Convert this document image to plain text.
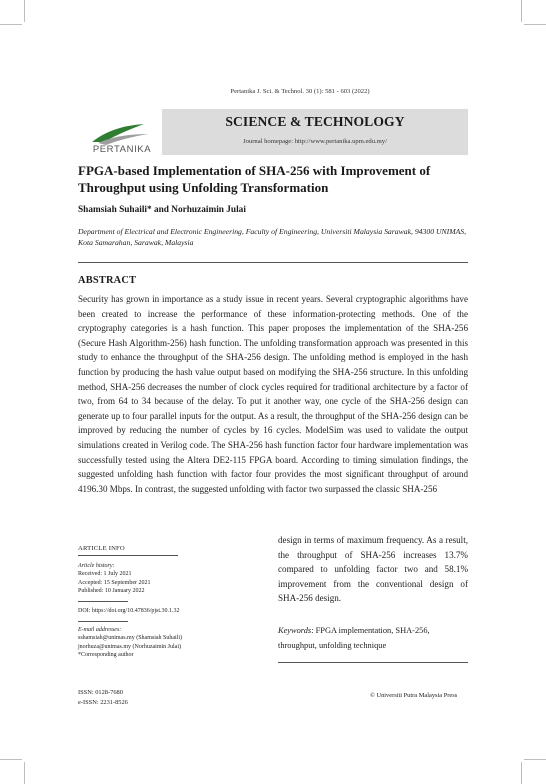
Pertanika J. Sci. & Technol. 30 (1): 581 - 603 (2022)
PERTANIKA
SCIENCE & TECHNOLOGY
Journal homepage: http://www.pertanika.upm.edu.my/
FPGA-based Implementation of SHA-256 with Improvement of Throughput using Unfolding Transformation
Shamsiah Suhaili* and Norhuzaimin Julai
Department of Electrical and Electronic Engineering, Faculty of Engineering, Universiti Malaysia Sarawak, 94300 UNIMAS, Kota Samarahan, Sarawak, Malaysia
ABSTRACT
Security has grown in importance as a study issue in recent years. Several cryptographic algorithms have been created to increase the performance of these information-protecting methods. One of the cryptography categories is a hash function. This paper proposes the implementation of the SHA-256 (Secure Hash Algorithm-256) hash function. The unfolding transformation approach was presented in this study to enhance the throughput of the SHA-256 design. The unfolding method is employed in the hash function by producing the hash value output based on modifying the SHA-256 structure. In this unfolding method, SHA-256 decreases the number of clock cycles required for traditional architecture by a factor of two, from 64 to 34 because of the delay. To put it another way, one cycle of the SHA-256 design can generate up to four parallel inputs for the output. As a result, the throughput of the SHA-256 design can be improved by reducing the number of cycles by 16 cycles. ModelSim was used to validate the output simulations created in Verilog code. The SHA-256 hash function factor four hardware implementation was successfully tested using the Altera DE2-115 FPGA board. According to timing simulation findings, the suggested unfolding hash function with factor four provides the most significant throughput of around 4196.30 Mbps. In contrast, the suggested unfolding with factor two surpassed the classic SHA-256
design in terms of maximum frequency. As a result, the throughput of SHA-256 increases 13.7% compared to unfolding factor two and 58.1% improvement from the conventional design of SHA-256 design.
ARTICLE INFO
Article history:
Received: 1 July 2021
Accepted: 15 September 2021
Published: 10 January 2022
DOI: https://doi.org/10.47836/pjst.30.1.32
E-mail addresses:
sshamsiah@unimas.my (Shamsiah Suhaili)
jnorhuza@unimas.my (Norhuzaimin Julai)
*Corresponding author
Keywords: FPGA implementation, SHA-256, throughput, unfolding technique
ISSN: 0128-7680
e-ISSN: 2231-8526
© Universiti Putra Malaysia Press
